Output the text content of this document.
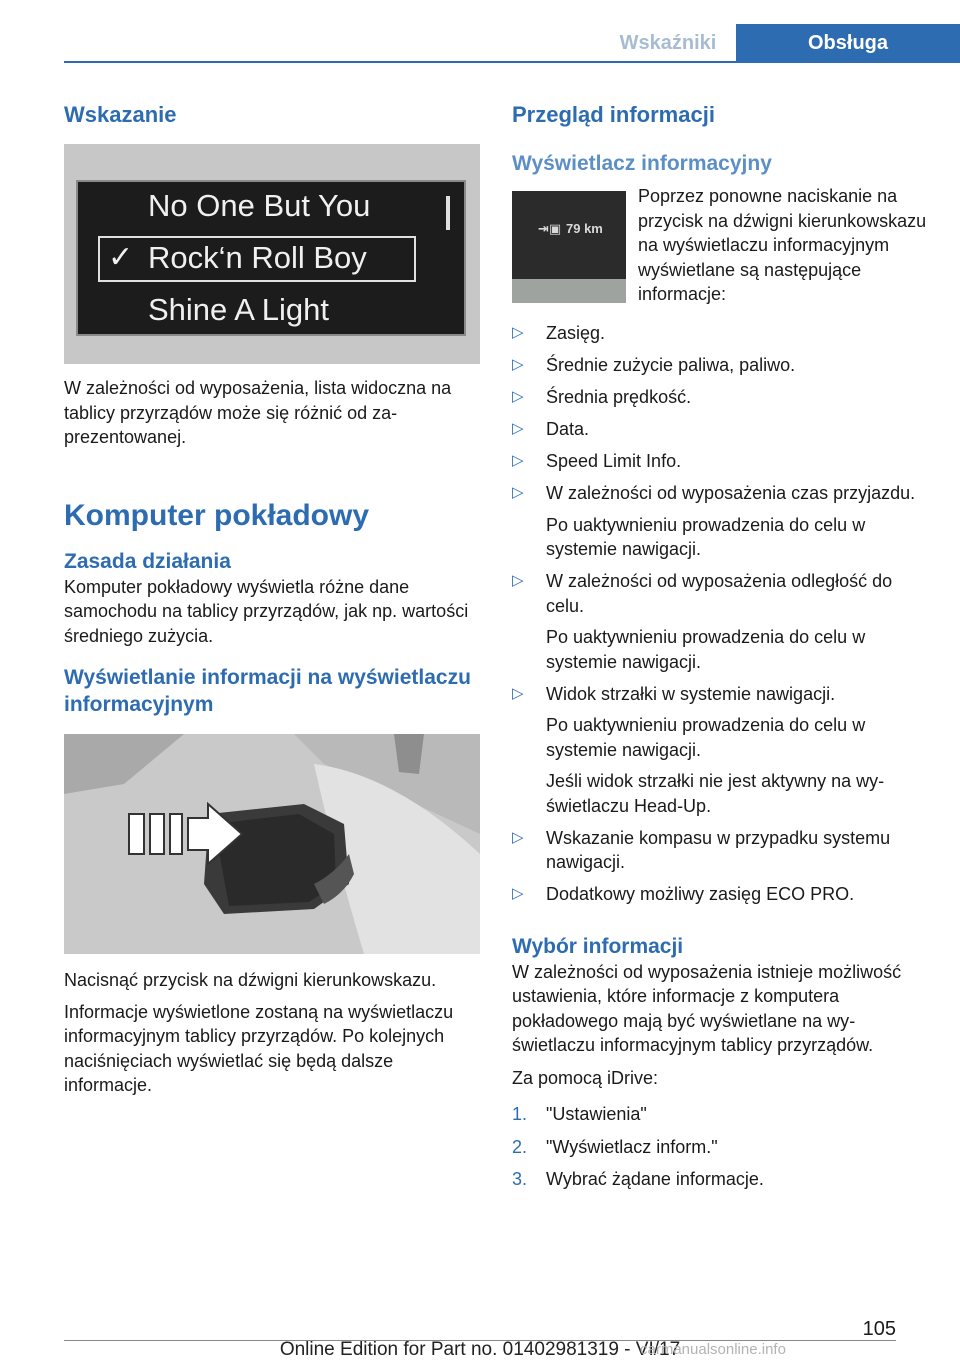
Wskaźniki	Obsługa
Wskazanie
No One But You
✓ Rock‘n Roll Boy
Shine A Light

W zależności od wyposażenia, lista widoczna na tablicy przyrządów może się różnić od zaprezentowanej.

Komputer pokładowy
Zasada działania

Komputer pokładowy wyświetla różne dane samochodu na tablicy przyrządów, jak np. wartości średniego zużycia.

Wyświetlanie informacji na wyświetlaczu informacyjnym

Nacisnąć przycisk na dźwigni kierunkowskazu.

Informacje wyświetlone zostaną na wyświetlaczu informacyjnym tablicy przyrządów. Po kolejnych naciśnięciach wyświetlać się będą dalsze informacje.

Przegląd informacji
Wyświetlacz informacyjny
⇥▣ 79 km

Poprzez ponowne naciskanie na przycisk na dźwigni kierunkowskazu na wyświetlaczu informacyjnym wyświetlane są następujące informacje:

▷ Zasięg.
▷ Średnie zużycie paliwa, paliwo.
▷ Średnia prędkość.
▷ Data.
▷ Speed Limit Info.
▷ W zależności od wyposażenia czas przyjazdu.
Po uaktywnieniu prowadzenia do celu w systemie nawigacji.
▷ W zależności od wyposażenia odległość do celu.
Po uaktywnieniu prowadzenia do celu w systemie nawigacji.
▷ Widok strzałki w systemie nawigacji.
Po uaktywnieniu prowadzenia do celu w systemie nawigacji.
Jeśli widok strzałki nie jest aktywny na wyświetlaczu Head-Up.
▷ Wskazanie kompasu w przypadku systemu nawigacji.
▷ Dodatkowy możliwy zasięg ECO PRO.
Wybór informacji

W zależności od wyposażenia istnieje możliwość ustawienia, które informacje z komputera pokładowego mają być wyświetlane na wyświetlaczu informacyjnym tablicy przyrządów.

Za pomocą iDrive:

1. "Ustawienia"
2. "Wyświetlacz inform."
3. Wybrać żądane informacje.
105
Online Edition for Part no. 01402981319 - VI/17
carmanualsonline.info
